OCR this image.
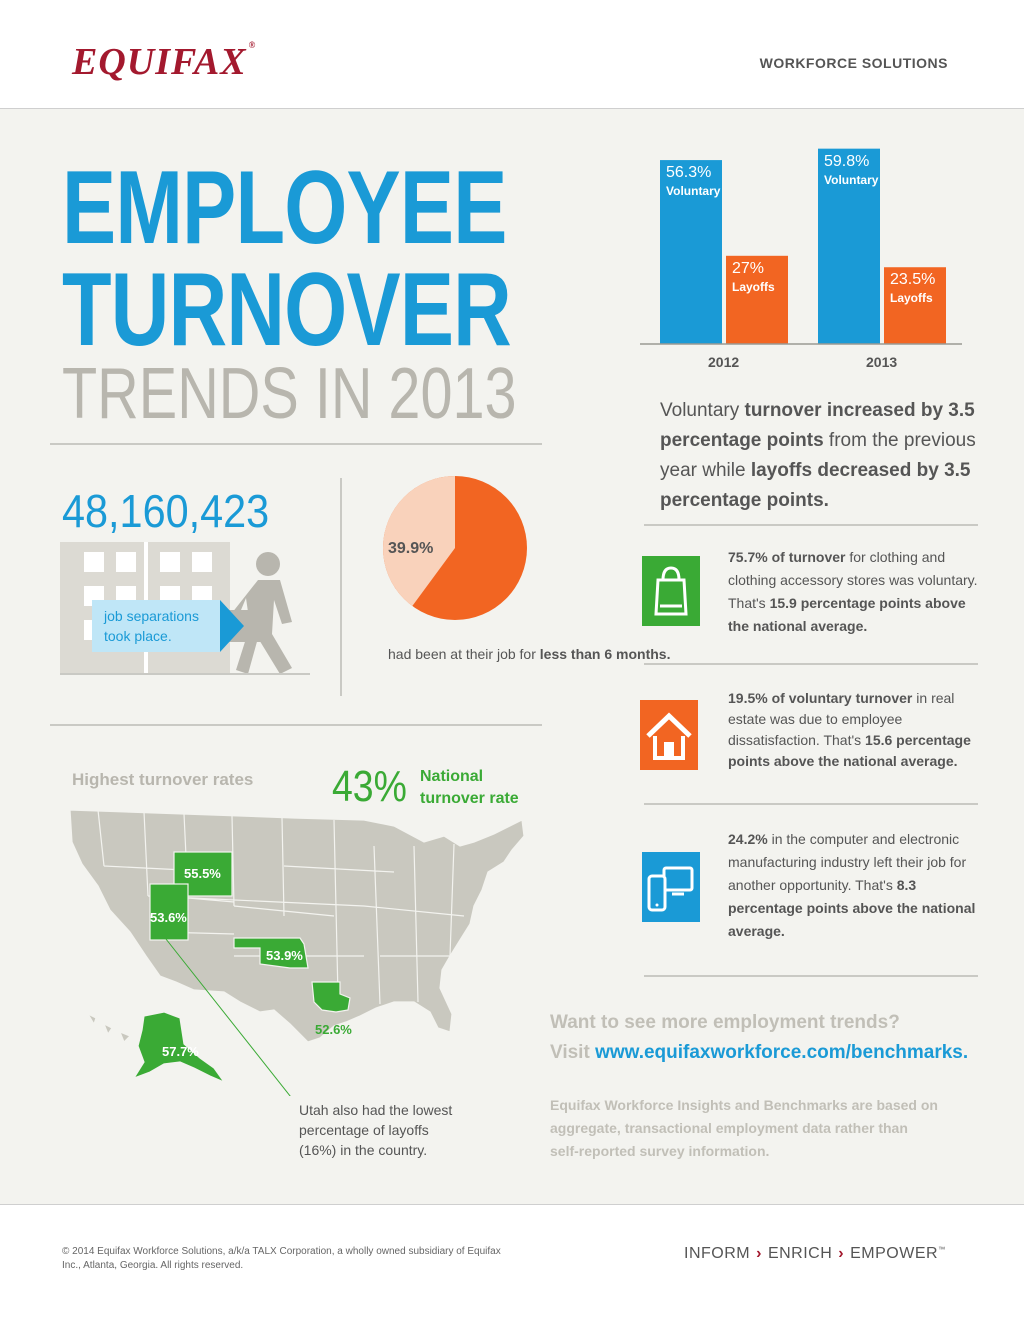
EQUIFAX ®
WORKFORCE SOLUTIONS
EMPLOYEE
TURNOVER
TRENDS IN 2013	2012	2013
56.3%
Voluntary
27%
Layoffs
59.8%
Voluntary
23.5%
Layoffs
Voluntary turnover increased by 3.5 percentage points from the previous year while layoffs decreased by 3.5 percentage points.
48,160,423
job separations took place.
39.9%
had been at their job for less than 6 months.
Highest turnover rates 43% National
turnover rate
55.5%
53.6%
53.9%
52.6%
57.7%
Utah also had the lowest percentage of layoffs (16%) in the country.
75.7% of turnover for clothing and clothing accessory stores was voluntary. That's 15.9 percentage points above the national average.
19.5% of voluntary turnover in real estate was due to employee dissatisfaction. That's 15.6 percentage points above the national average.
24.2% in the computer and electronic manufacturing industry left their job for another opportunity. That's 8.3 percentage points above the national average.
Want to see more employment trends?
Visit www.equifaxworkforce.com/benchmarks.
Equifax Workforce Insights and Benchmarks are based on aggregate, transactional employment data rather than self-reported survey information.
© 2014 Equifax Workforce Solutions, a/k/a TALX Corporation, a wholly owned subsidiary of Equifax Inc., Atlanta, Georgia. All rights reserved.
INFORM › ENRICH › EMPOWER™
